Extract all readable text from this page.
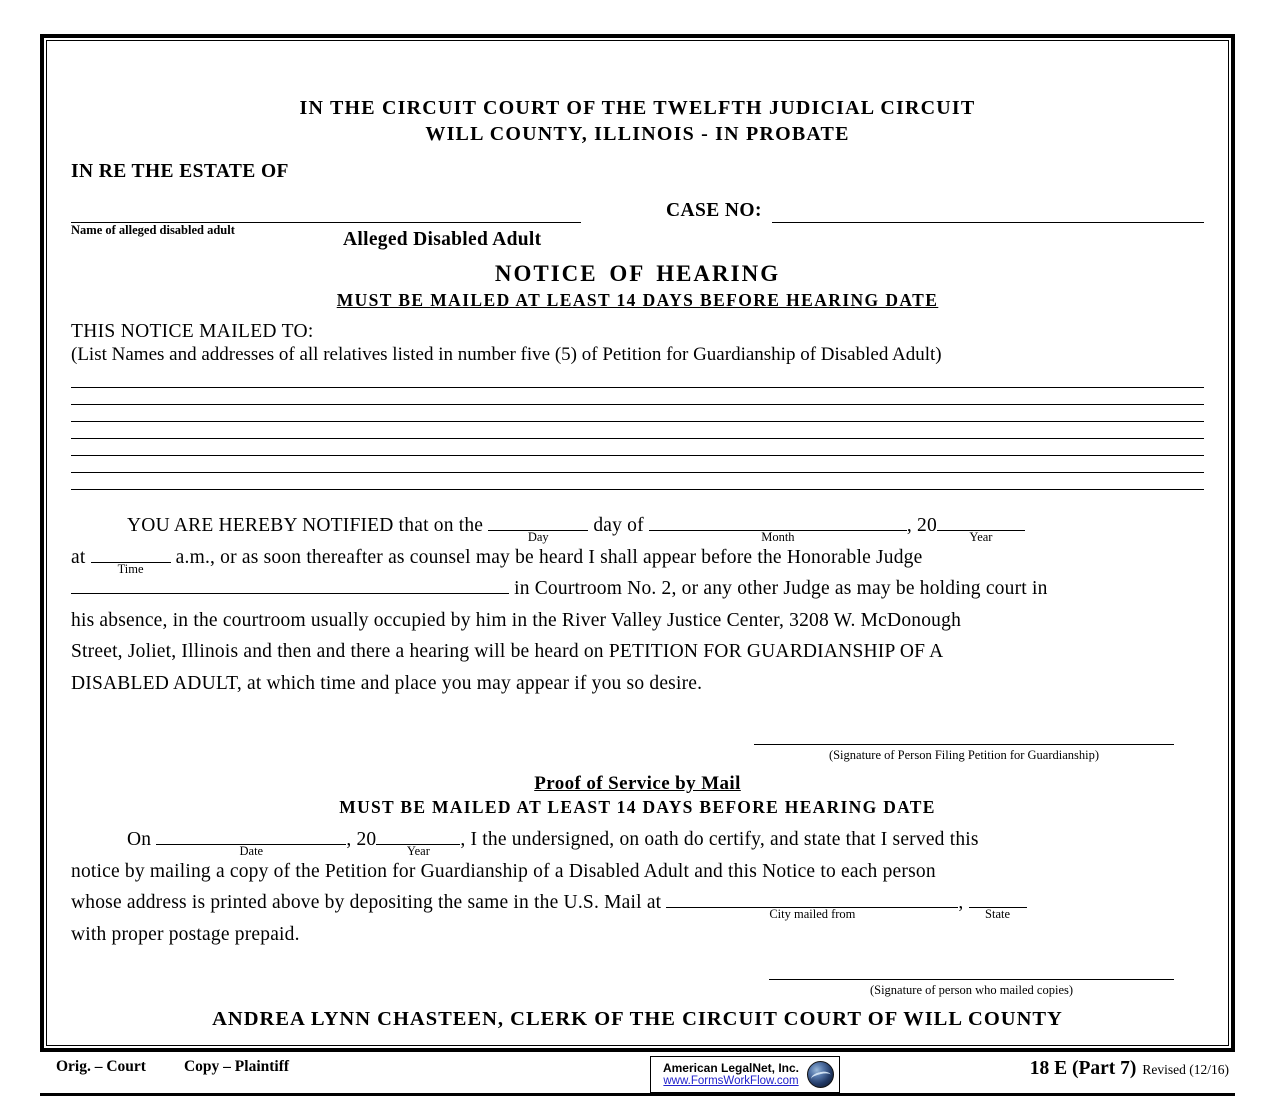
IN THE CIRCUIT COURT OF THE TWELFTH JUDICIAL CIRCUIT
WILL COUNTY, ILLINOIS - IN PROBATE
IN RE THE ESTATE OF
Name of alleged disabled adult
CASE NO:
Alleged Disabled Adult
NOTICE OF HEARING
MUST BE MAILED AT LEAST 14 DAYS BEFORE HEARING DATE
THIS NOTICE MAILED TO:
(List Names and addresses of all relatives listed in number five (5) of Petition for Guardianship of Disabled Adult)
YOU ARE HEREBY NOTIFIED that on the
Day
day of
Month
, 20
Year
at
Time
a.m., or as soon thereafter as counsel may be heard I shall appear before the Honorable Judge
in Courtroom No. 2, or any other Judge as may be holding court in
his absence, in the courtroom usually occupied by him in the River Valley Justice Center, 3208 W. McDonough
Street, Joliet, Illinois and then and there a hearing will be heard on PETITION FOR GUARDIANSHIP OF A
DISABLED ADULT, at which time and place you may appear if you so desire.
(Signature of Person Filing Petition for Guardianship)
Proof of Service by Mail
MUST BE MAILED AT LEAST 14 DAYS BEFORE HEARING DATE
On
Date
, 20
Year
, I the undersigned, on oath do certify, and state that I served this
notice by mailing a copy of the Petition for Guardianship of a Disabled Adult and this Notice to each person
whose address is printed above by depositing the same in the U.S. Mail at
City mailed from
,
State
with proper postage prepaid.
(Signature of person who mailed copies)
ANDREA LYNN CHASTEEN, CLERK OF THE CIRCUIT COURT OF WILL COUNTY
Orig. – Court Copy – Plaintiff	American LegalNet, Inc.
www.FormsWorkFlow.com
18 E (Part 7) Revised (12/16)
